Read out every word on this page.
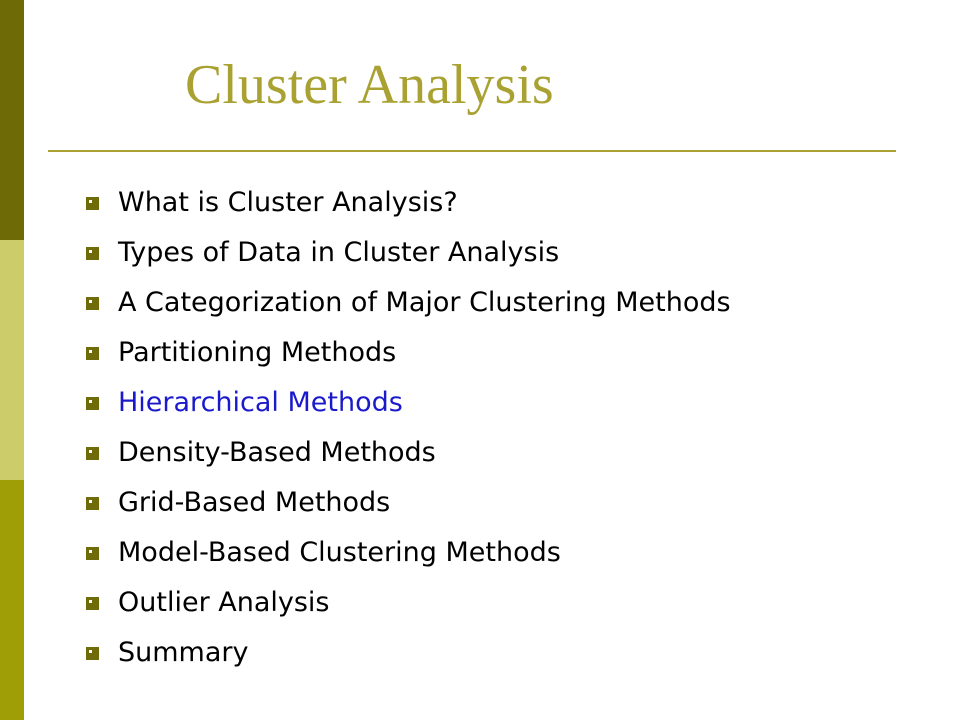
Cluster Analysis
What is Cluster Analysis?
Types of Data in Cluster Analysis
A Categorization of Major Clustering Methods
Partitioning Methods
Hierarchical Methods
Density-Based Methods
Grid-Based Methods
Model-Based Clustering Methods
Outlier Analysis
Summary
